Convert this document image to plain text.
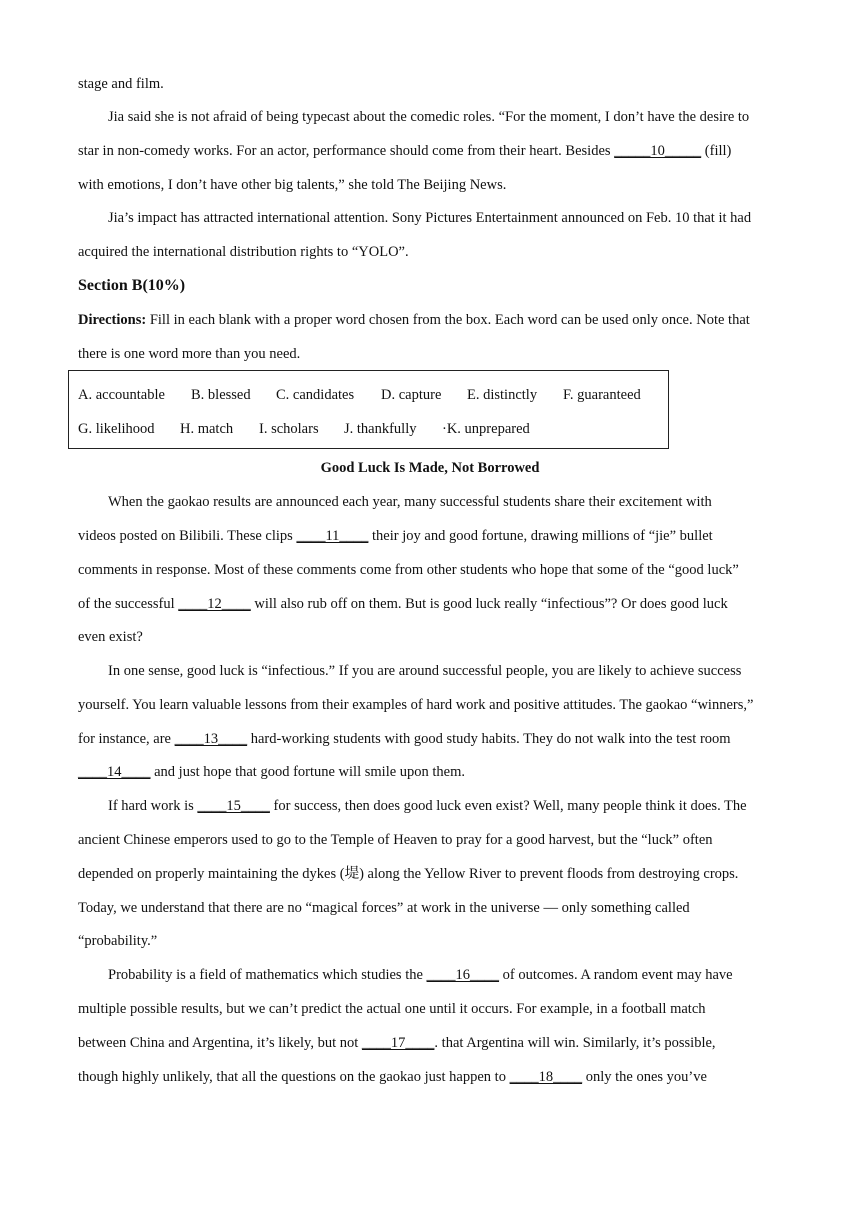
stage and film.
Jia said she is not afraid of being typecast about the comedic roles. “For the moment, I don’t have the desire to
star in non-comedy works. For an actor, performance should come from their heart. Besides _____10_____ (fill)
with emotions, I don’t have other big talents,” she told The Beijing News.
Jia’s impact has attracted international attention. Sony Pictures Entertainment announced on Feb. 10 that it had
acquired the international distribution rights to “YOLO”.
Section B(10%)
Directions: Fill in each blank with a proper word chosen from the box. Each word can be used only once. Note that
there is one word more than you need.
A. accountable B. blessed C. candidates D. capture E. distinctly F. guaranteed
G. likelihood H. match I. scholars J. thankfully ·K. unprepared
Good Luck Is Made, Not Borrowed
When the gaokao results are announced each year, many successful students share their excitement with
videos posted on Bilibili. These clips ____11____ their joy and good fortune, drawing millions of “jie” bullet
comments in response. Most of these comments come from other students who hope that some of the “good luck”
of the successful ____12____ will also rub off on them. But is good luck really “infectious”? Or does good luck
even exist?
In one sense, good luck is “infectious.” If you are around successful people, you are likely to achieve success
yourself. You learn valuable lessons from their examples of hard work and positive attitudes. The gaokao “winners,”
for instance, are ____13____ hard-working students with good study habits. They do not walk into the test room
____14____ and just hope that good fortune will smile upon them.
If hard work is ____15____ for success, then does good luck even exist? Well, many people think it does. The
ancient Chinese emperors used to go to the Temple of Heaven to pray for a good harvest, but the “luck” often
depended on properly maintaining the dykes (堤) along the Yellow River to prevent floods from destroying crops.
Today, we understand that there are no “magical forces” at work in the universe — only something called
“probability.”
Probability is a field of mathematics which studies the ____16____ of outcomes. A random event may have
multiple possible results, but we can’t predict the actual one until it occurs. For example, in a football match
between China and Argentina, it’s likely, but not ____17____. that Argentina will win. Similarly, it’s possible,
though highly unlikely, that all the questions on the gaokao just happen to ____18____ only the ones you’ve
